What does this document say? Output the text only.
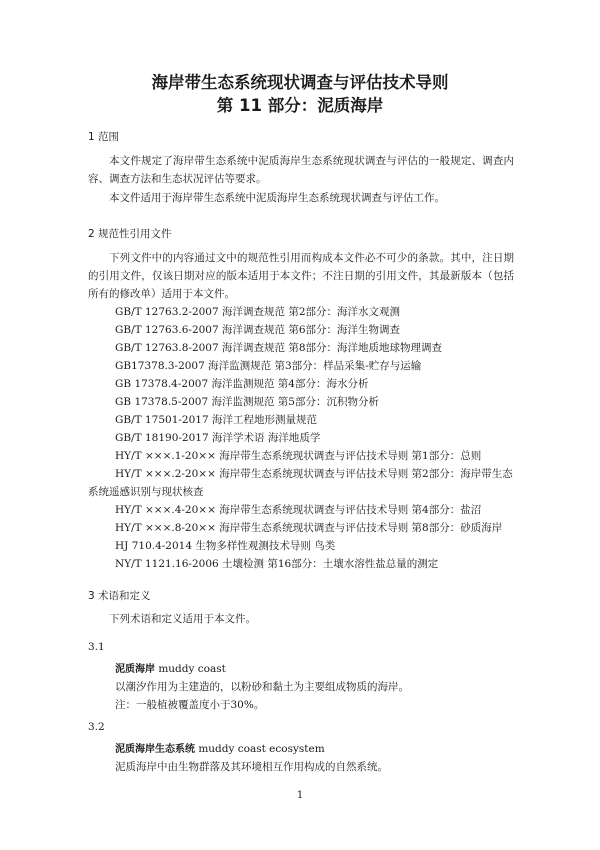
海岸带生态系统现状调查与评估技术导则
第 11 部分：泥质海岸
1 范围
本文件规定了海岸带生态系统中泥质海岸生态系统现状调查与评估的一般规定、调查内容、调查方法和生态状况评估等要求。
本文件适用于海岸带生态系统中泥质海岸生态系统现状调查与评估工作。
2 规范性引用文件
下列文件中的内容通过文中的规范性引用而构成本文件必不可少的条款。其中，注日期的引用文件，仅该日期对应的版本适用于本文件；不注日期的引用文件，其最新版本（包括所有的修改单）适用于本文件。
GB/T 12763.2-2007 海洋调查规范 第2部分：海洋水文观测
GB/T 12763.6-2007 海洋调查规范 第6部分：海洋生物调查
GB/T 12763.8-2007 海洋调查规范 第8部分：海洋地质地球物理调查
GB17378.3-2007 海洋监测规范 第3部分：样品采集-贮存与运输
GB 17378.4-2007 海洋监测规范 第4部分：海水分析
GB 17378.5-2007 海洋监测规范 第5部分：沉积物分析
GB/T 17501-2017 海洋工程地形测量规范
GB/T 18190-2017 海洋学术语 海洋地质学
HY/T ×××.1-20×× 海岸带生态系统现状调查与评估技术导则 第1部分：总则
HY/T ×××.2-20×× 海岸带生态系统现状调查与评估技术导则 第2部分：海岸带生态系统遥感识别与现状核查
HY/T ×××.4-20×× 海岸带生态系统现状调查与评估技术导则 第4部分：盐沼
HY/T ×××.8-20×× 海岸带生态系统现状调查与评估技术导则 第8部分：砂质海岸
HJ 710.4-2014 生物多样性观测技术导则 鸟类
NY/T 1121.16-2006 土壤检测 第16部分：土壤水溶性盐总量的测定
3 术语和定义
下列术语和定义适用于本文件。
3.1
泥质海岸 muddy coast
以潮汐作用为主建造的，以粉砂和黏土为主要组成物质的海岸。
注：一般植被覆盖度小于30%。
3.2
泥质海岸生态系统 muddy coast ecosystem
泥质海岸中由生物群落及其环境相互作用构成的自然系统。
1
